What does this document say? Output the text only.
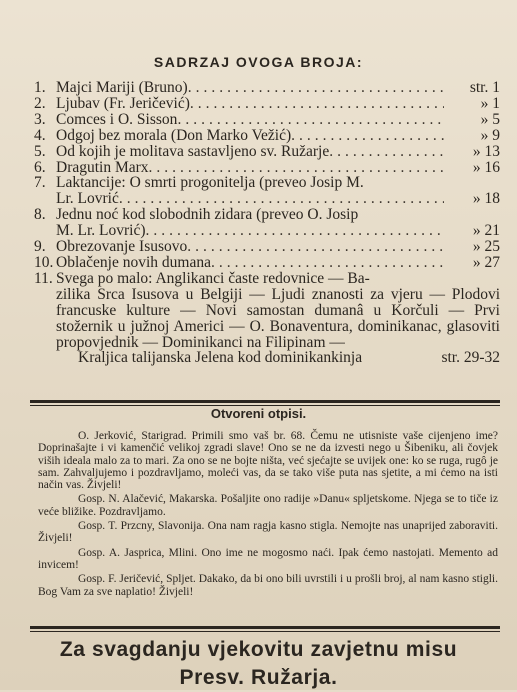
SADRZAJ OVOGA BROJA:
1. Majci Mariji (Bruno) .....	str. 1
2. Ljubav (Fr. Jeričević) .....	» 1
3. Comces i O. Sisson .....	» 5
4. Odgoj bez morala (Don Marko Vežić) .....	» 9
5. Od kojih je molitava sastavljeno sv. Ružarje .....	» 13
6. Dragutin Marx .....	» 16
7. Laktancije: O smrti progonitelja (preveo Josip M.
Lr. Lovrić .....	» 18
8. Jednu noć kod slobodnih zidara (preveo O. Josip
M. Lr. Lovrić) .....	» 21
9. Obrezovanje Isusovo .....	» 25
10. Oblačenje novih dumana .....	» 27
11. Svega po malo: Anglikanci časte redovnice — Ba-
zilika Srca Isusova u Belgiji — Ljudi znanosti za vjeru — Plodovi francuske kulture — Novi samostan dumanâ u Korčuli — Prvi stožernik u južnoj Americi — O. Bonaventura, dominikanac, glasoviti propovjednik — Dominikanci na Filipinam —
Kraljica talijanska Jelena kod dominikankinja	str. 29-32
Otvoreni otpisi.
O. Jerković, Starigrad. Primili smo vaš br. 68. Čemu ne utisniste vaše cijenjeno ime? Doprinašajte i vi kamenčić velikoj zgradi slave! Ono se ne da izvesti nego u Šibeniku, ali čovjek viših ideala malo za to mari. Za ono se ne bojte ništa, već sjećajte se uvijek one: ko se ruga, rugô je sam. Zahvaljujemo i pozdravljamo, moleći vas, da se tako više puta nas sjetite, a mi ćemo na isti način vas. Živjeli!
Gosp. N. Alačević, Makarska. Pošaljite ono radije »Danu« spljetskome. Njega se to tiče iz veće bližike. Pozdravljamo.
Gosp. T. Przcny, Slavonija. Ona nam ragja kasno stigla. Nemojte nas unaprijed zaboraviti. Živjeli!
Gosp. A. Jasprica, Mlini. Ono ime ne mogosmo naći. Ipak ćemo nastojati. Memento ad invicem!
Gosp. F. Jeričević, Spljet. Dakako, da bi ono bili uvrstili i u prošli broj, al nam kasno stigli. Bog Vam za sve naplatio! Živjeli!
Za svagdanju vjekovitu zavjetnu misu
Presv. Ružarja.
